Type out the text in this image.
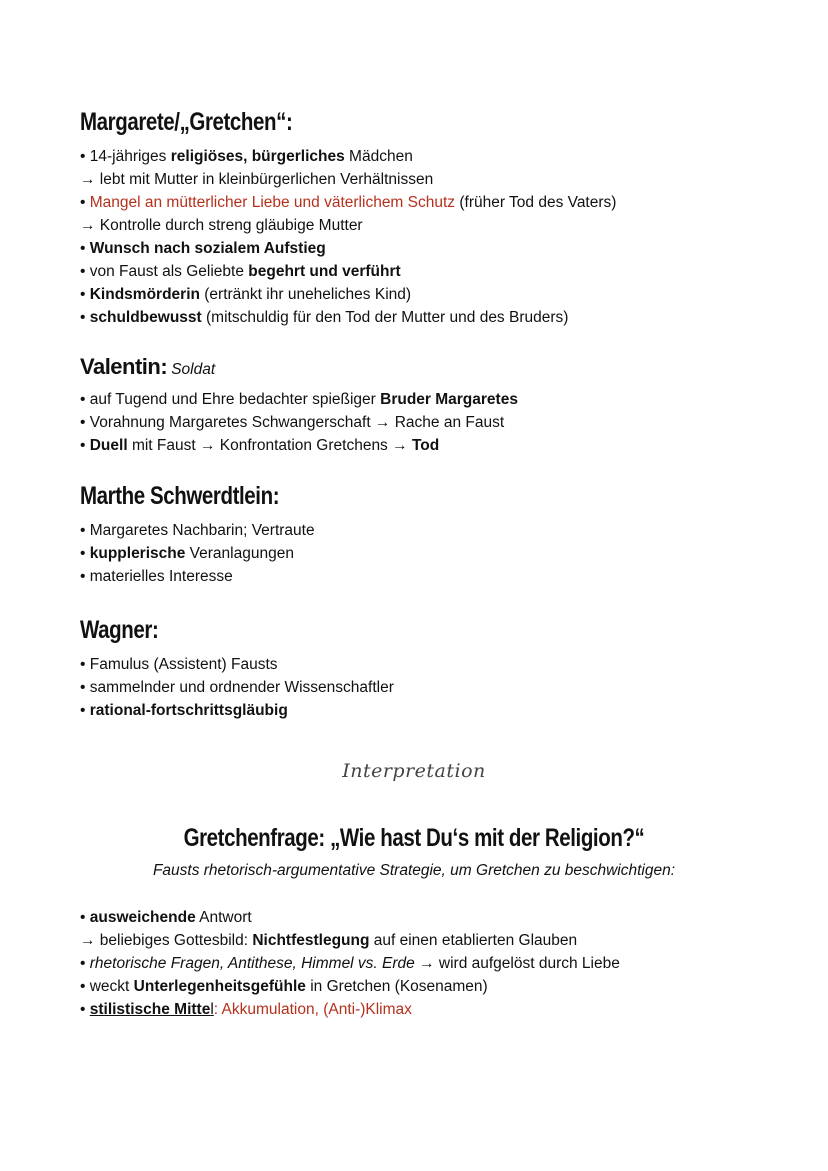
Margarete/„Gretchen“:
• 14-jähriges religiöses, bürgerliches Mädchen
→ lebt mit Mutter in kleinbürgerlichen Verhältnissen
• Mangel an mütterlicher Liebe und väterlichem Schutz (früher Tod des Vaters)
→ Kontrolle durch streng gläubige Mutter
• Wunsch nach sozialem Aufstieg
• von Faust als Geliebte begehrt und verführt
• Kindsmörderin (ertränkt ihr uneheliches Kind)
• schuldbewusst (mitschuldig für den Tod der Mutter und des Bruders)
Valentin: Soldat
• auf Tugend und Ehre bedachter spießiger Bruder Margaretes
• Vorahnung Margaretes Schwangerschaft → Rache an Faust
• Duell mit Faust → Konfrontation Gretchens → Tod
Marthe Schwerdtlein:
• Margaretes Nachbarin; Vertraute
• kupplerische Veranlagungen
• materielles Interesse
Wagner:
• Famulus (Assistent) Fausts
• sammelnder und ordnender Wissenschaftler
• rational-fortschrittsgläubig
Interpretation
Gretchenfrage: „Wie hast Du‘s mit der Religion?“
Fausts rhetorisch-argumentative Strategie, um Gretchen zu beschwichtigen:
• ausweichende Antwort
→ beliebiges Gottesbild: Nichtfestlegung auf einen etablierten Glauben
• rhetorische Fragen, Antithese, Himmel vs. Erde → wird aufgelöst durch Liebe
• weckt Unterlegenheitsgefühle in Gretchen (Kosenamen)
• stilistische Mittel: Akkumulation, (Anti-)Klimax
